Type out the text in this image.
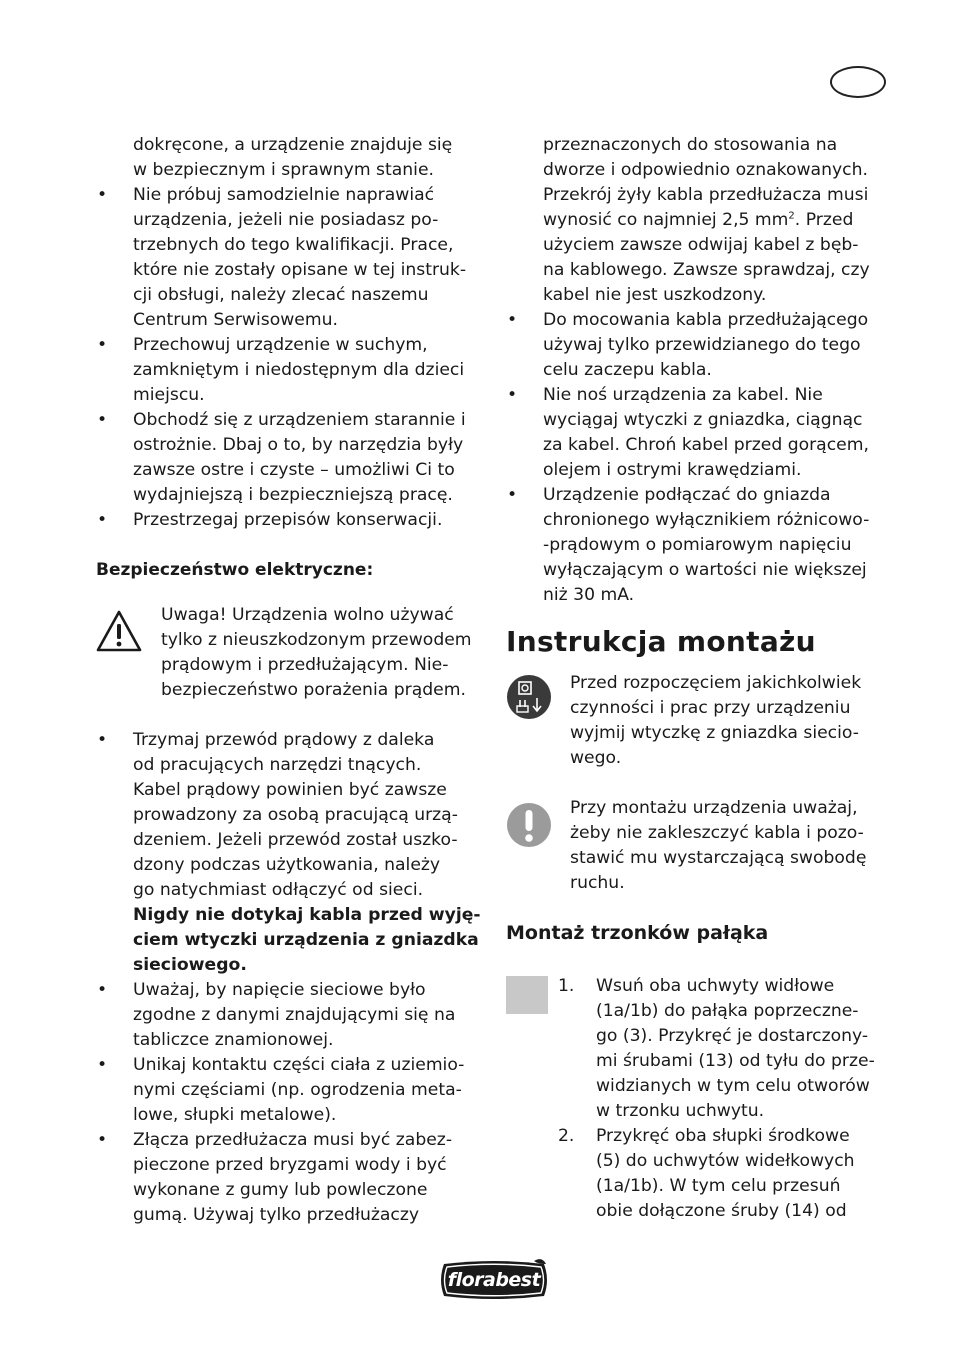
dokręcone, a urządzenie znajduje się
w bezpiecznym i sprawnym stanie.
• Nie próbuj samodzielnie naprawiać
urządzenia, jeżeli nie posiadasz po-
trzebnych do tego kwalifikacji. Prace,
które nie zostały opisane w tej instruk-
cji obsługi, należy zlecać naszemu
Centrum Serwisowemu.
• Przechowuj urządzenie w suchym,
zamkniętym i niedostępnym dla dzieci
miejscu.
• Obchodź się z urządzeniem starannie i
ostrożnie. Dbaj o to, by narzędzia były
zawsze ostre i czyste – umożliwi Ci to
wydajniejszą i bezpieczniejszą pracę.
• Przestrzegaj przepisów konserwacji.
Bezpieczeństwo elektryczne:
Uwaga! Urządzenia wolno używać
tylko z nieuszkodzonym przewodem
prądowym i przedłużającym. Nie-
bezpieczeństwo porażenia prądem.
• Trzymaj przewód prądowy z daleka
od pracujących narzędzi tnących.
Kabel prądowy powinien być zawsze
prowadzony za osobą pracującą urzą-
dzeniem. Jeżeli przewód został uszko-
dzony podczas użytkowania, należy
go natychmiast odłączyć od sieci.
Nigdy nie dotykaj kabla przed wyję-
ciem wtyczki urządzenia z gniazdka
sieciowego.
• Uważaj, by napięcie sieciowe było
zgodne z danymi znajdującymi się na
tabliczce znamionowej.
• Unikaj kontaktu części ciała z uziemio-
nymi częściami (np. ogrodzenia meta-
lowe, słupki metalowe).
• Złącza przedłużacza musi być zabez-
pieczone przed bryzgami wody i być
wykonane z gumy lub powleczone
gumą. Używaj tylko przedłużaczy
przeznaczonych do stosowania na
dworze i odpowiednio oznakowanych.
Przekrój żyły kabla przedłużacza musi
wynosić co najmniej 2,5 $mm^2$. Przed
użyciem zawsze odwijaj kabel z bęb-
na kablowego. Zawsze sprawdzaj, czy
kabel nie jest uszkodzony.
• Do mocowania kabla przedłużającego
używaj tylko przewidzianego do tego
celu zaczepu kabla.
• Nie noś urządzenia za kabel. Nie
wyciągaj wtyczki z gniazdka, ciągnąc
za kabel. Chroń kabel przed gorącem,
olejem i ostrymi krawędziami.
• Urządzenie podłączać do gniazda
chronionego wyłącznikiem różnicowo-
-prądowym o pomiarowym napięciu
wyłączającym o wartości nie większej
niż 30 mA.
Instrukcja montażu
Przed rozpoczęciem jakichkolwiek
czynności i prac przy urządzeniu
wyjmij wtyczkę z gniazdka siecio-
wego.
Przy montażu urządzenia uważaj,
żeby nie zakleszczyć kabla i pozo-
stawić mu wystarczającą swobodę
ruchu.
Montaż trzonków pałąka
1. Wsuń oba uchwyty widłowe
(1a/1b) do pałąka poprzeczne-
go (3). Przykręć je dostarczony-
mi śrubami (13) od tyłu do prze-
widzianych w tym celu otworów
w trzonku uchwytu.
2. Przykręć oba słupki środkowe
(5) do uchwytów widełkowych
(1a/1b). W tym celu przesuń
obie dołączone śruby (14) od
florabest
